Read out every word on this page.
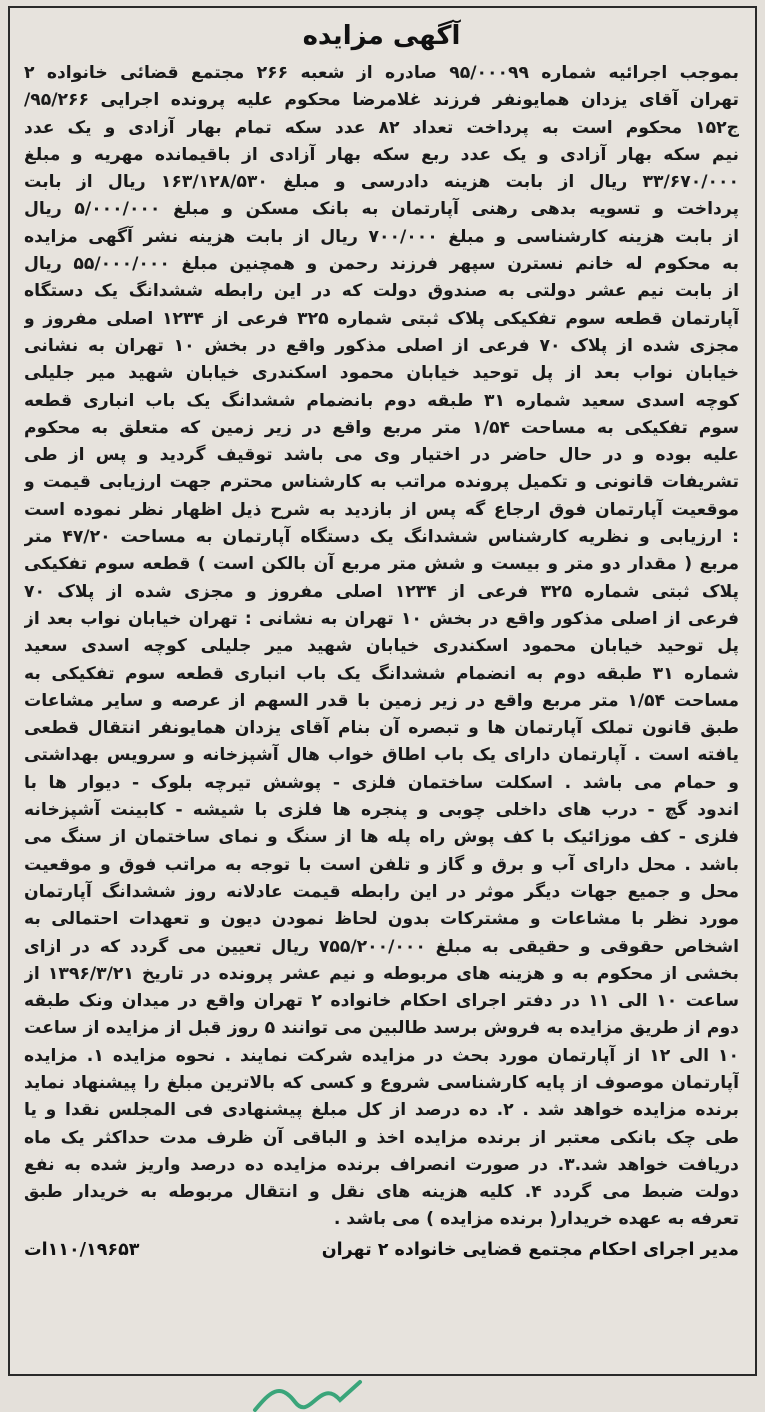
آگهی مزایده
بموجب اجرائیه شماره ۹۵/۰۰۰۹۹ صادره از شعبه ۲۶۶ مجتمع قضائی خانواده ۲
تهران آقای یزدان همایونفر فرزند غلامرضا محکوم علیه پرونده اجرایی ۹۵/۲۶۶/
ج۱۵۲ محکوم است به پرداخت تعداد ۸۲ عدد سکه تمام بهار آزادی و یک عدد
نیم سکه بهار آزادی و یک عدد ربع سکه بهار آزادی از باقیمانده مهریه و مبلغ
۳۳/۶۷۰/۰۰۰ ریال از بابت هزینه دادرسی و مبلغ ۱۶۳/۱۲۸/۵۳۰ ریال از بابت
پرداخت و تسویه بدهی رهنی آپارتمان به بانک مسکن و مبلغ ۵/۰۰۰/۰۰۰ ریال
از بابت هزینه کارشناسی و مبلغ ۷۰۰/۰۰۰ ریال از بابت هزینه نشر آگهی مزایده
به محکوم له خانم نسترن سپهر فرزند رحمن و همچنین مبلغ ۵۵/۰۰۰/۰۰۰ ریال
از بابت نیم عشر دولتی به صندوق دولت که در این رابطه ششدانگ یک دستگاه
آپارتمان قطعه سوم تفکیکی پلاک ثبتی شماره ۳۲۵ فرعی از ۱۲۳۴ اصلی مفروز و
مجزی شده از پلاک ۷۰ فرعی از اصلی مذکور واقع در بخش ۱۰ تهران به نشانی
خیابان نواب بعد از پل توحید خیابان محمود اسکندری خیابان شهید میر جلیلی
کوچه اسدی سعید شماره ۳۱ طبقه دوم بانضمام ششدانگ یک باب انباری قطعه
سوم تفکیکی به مساحت ۱/۵۴ متر مربع واقع در زیر زمین که متعلق به محکوم
علیه بوده و در حال حاضر در اختیار وی می باشد توقیف گردید و پس از طی
تشریفات قانونی و تکمیل پرونده مراتب به کارشناس محترم جهت ارزیابی قیمت و
موقعیت آپارتمان فوق ارجاع گه پس از بازدید به شرح ذیل اظهار نظر نموده است
: ارزیابی و نظریه کارشناس ششدانگ یک دستگاه آپارتمان به مساحت ۴۷/۲۰ متر
مربع ( مقدار دو متر و بیست و شش متر مربع آن بالکن است ) قطعه سوم تفکیکی
پلاک ثبتی شماره ۳۲۵ فرعی از ۱۲۳۴ اصلی مفروز و مجزی شده از پلاک ۷۰
فرعی از اصلی مذکور واقع در بخش ۱۰ تهران به نشانی : تهران خیابان نواب بعد از
پل توحید خیابان محمود اسکندری خیابان شهید میر جلیلی کوچه اسدی سعید
شماره ۳۱ طبقه دوم به انضمام ششدانگ یک باب انباری قطعه سوم تفکیکی به
مساحت ۱/۵۴ متر مربع واقع در زیر زمین با قدر السهم از عرصه و سایر مشاعات
طبق قانون تملک آپارتمان ها و تبصره آن بنام آقای یزدان همایونفر انتقال قطعی
یافته است . آپارتمان دارای یک باب اطاق خواب هال آشپزخانه و سرویس بهداشتی
و حمام می باشد . اسکلت ساختمان فلزی - پوشش تیرچه بلوک - دیوار ها با
اندود گچ - درب های داخلی چوبی و پنجره ها فلزی با شیشه - کابینت آشپزخانه
فلزی - کف موزائیک با کف پوش راه پله ها از سنگ و نمای ساختمان از سنگ می
باشد . محل دارای آب و برق و گاز و تلفن است با توجه به مراتب فوق و موقعیت
محل و جمیع جهات دیگر موثر در این رابطه قیمت عادلانه روز ششدانگ آپارتمان
مورد نظر با مشاعات و مشترکات بدون لحاظ نمودن دیون و تعهدات احتمالی به
اشخاص حقوقی و حقیقی به مبلغ ۷۵۵/۲۰۰/۰۰۰ ریال تعیین می گردد که در ازای
بخشی از محکوم به و هزینه های مربوطه و نیم عشر پرونده در تاریخ ۱۳۹۶/۳/۲۱ از
ساعت ۱۰ الی ۱۱ در دفتر اجرای احکام خانواده ۲ تهران واقع در میدان ونک طبقه
دوم از طریق مزایده به فروش برسد طالبین می توانند ۵ روز قبل از مزایده از ساعت
۱۰ الی ۱۲ از آپارتمان مورد بحث در مزایده شرکت نمایند . نحوه مزایده ۱. مزایده
آپارتمان موصوف از پایه کارشناسی شروع و کسی که بالاترین مبلغ را پیشنهاد نماید
برنده مزایده خواهد شد . ۲. ده درصد از کل مبلغ پیشنهادی فی المجلس نقدا و یا
طی چک بانکی معتبر از برنده مزایده اخذ و الباقی آن ظرف مدت حداکثر یک ماه
دریافت خواهد شد.۳. در صورت انصراف برنده مزایده ده درصد واریز شده به نفع
دولت ضبط می گردد ۴. کلیه هزینه های نقل و انتقال مربوطه به خریدار طبق
تعرفه به عهده خریدار( برنده مزایده ) می باشد .
مدیر اجرای احکام مجتمع قضایی خانواده ۲ تهران
۱۱۰/۱۹۶۵۳ات
